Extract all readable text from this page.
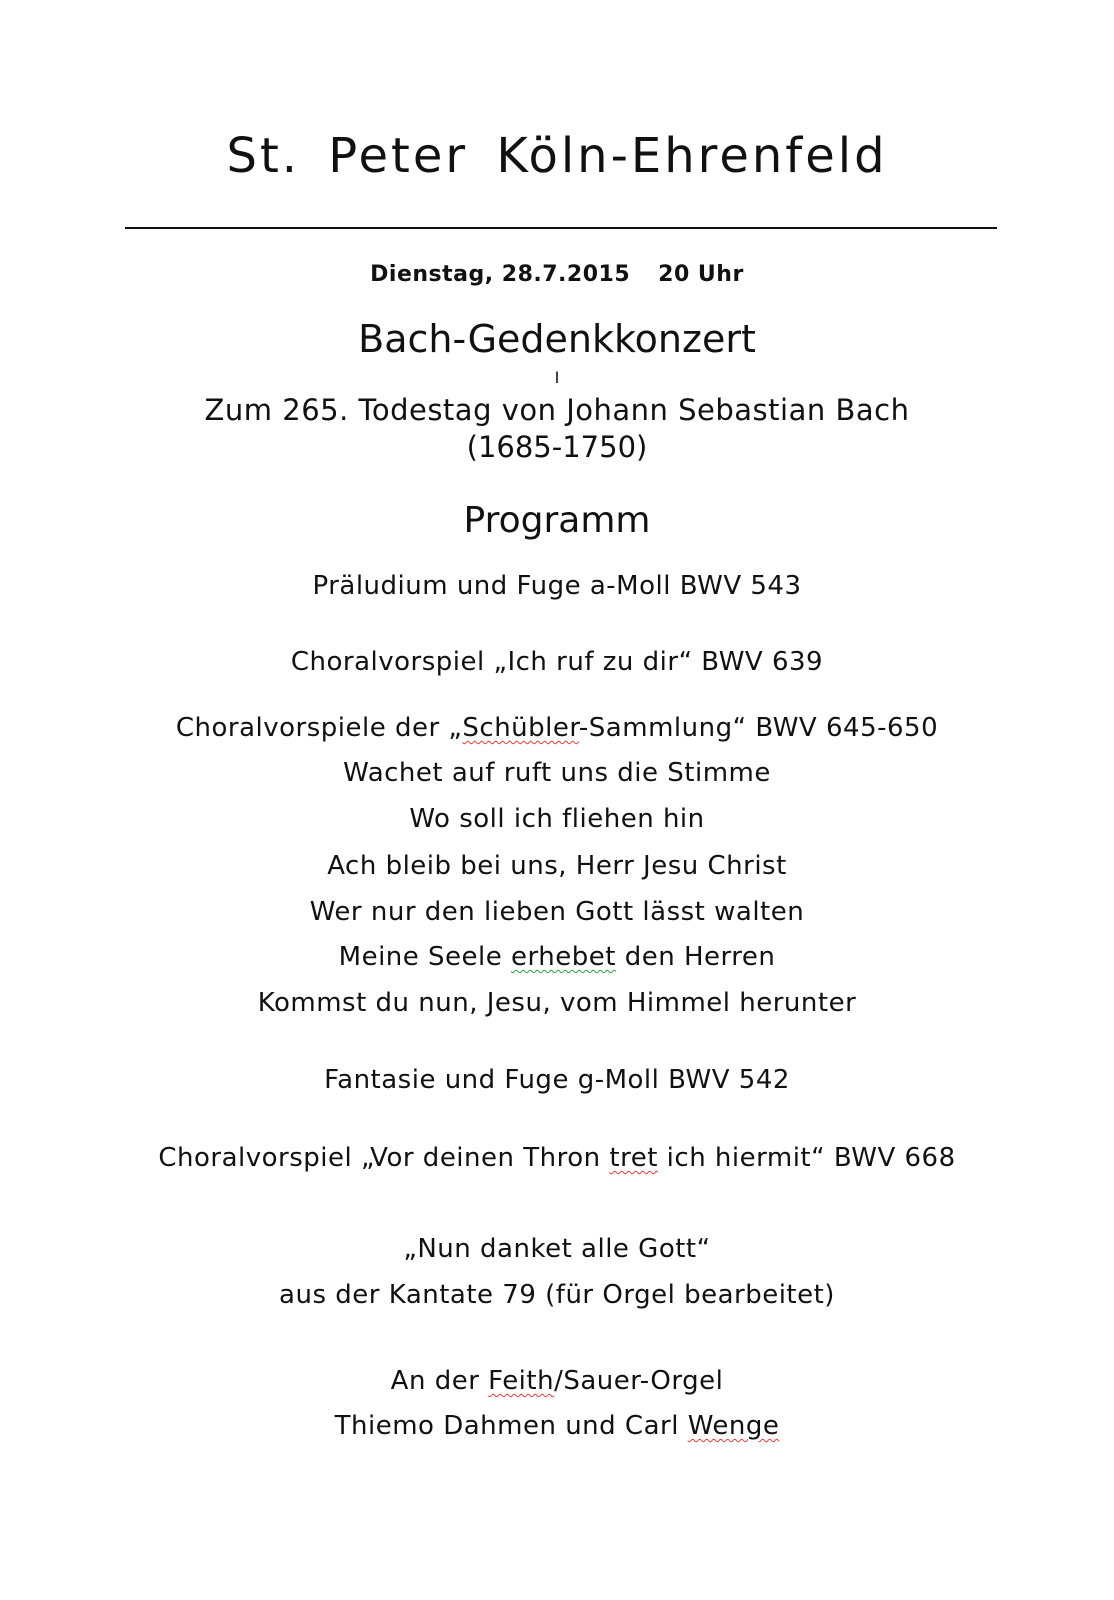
St. Peter Köln-Ehrenfeld
Dienstag, 28.7.2015 20 Uhr
Bach-Gedenkkonzert
I
Zum 265. Todestag von Johann Sebastian Bach
(1685-1750)
Programm
Präludium und Fuge a-Moll BWV 543
Choralvorspiel „Ich ruf zu dir“ BWV 639
Choralvorspiele der „Schübler-Sammlung“ BWV 645-650
Wachet auf ruft uns die Stimme
Wo soll ich fliehen hin
Ach bleib bei uns, Herr Jesu Christ
Wer nur den lieben Gott lässt walten
Meine Seele erhebet den Herren
Kommst du nun, Jesu, vom Himmel herunter
Fantasie und Fuge g-Moll BWV 542
Choralvorspiel „Vor deinen Thron tret ich hiermit“ BWV 668
„Nun danket alle Gott“
aus der Kantate 79 (für Orgel bearbeitet)
An der Feith/Sauer-Orgel
Thiemo Dahmen und Carl Wenge
